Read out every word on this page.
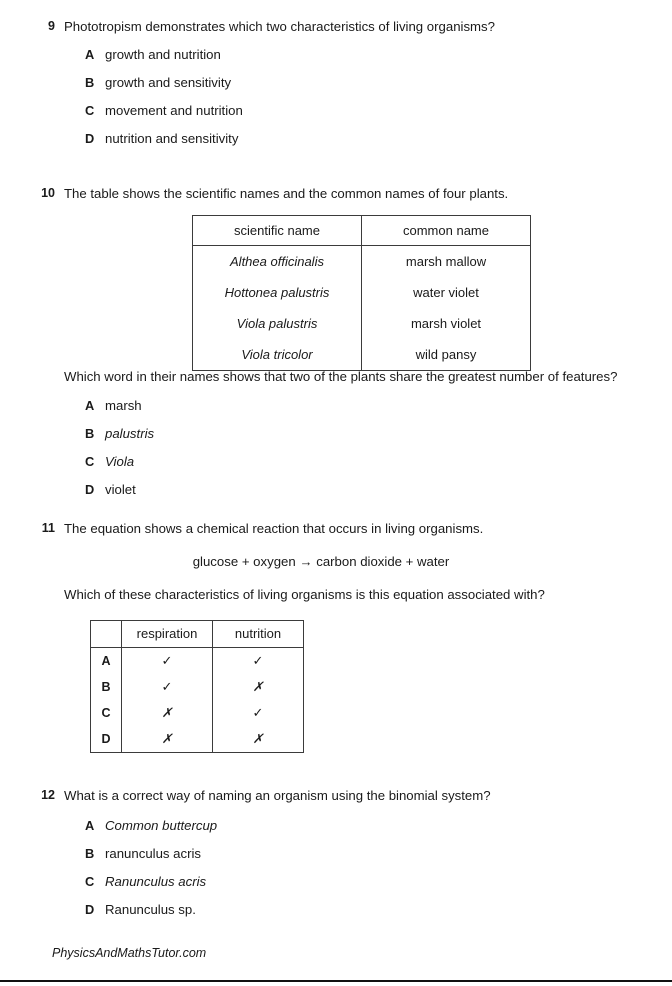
9 Phototropism demonstrates which two characteristics of living organisms?
A growth and nutrition
B growth and sensitivity
C movement and nutrition
D nutrition and sensitivity
10 The table shows the scientific names and the common names of four plants.
scientific name	common name
Althea officinalis	marsh mallow
Hottonea palustris	water violet
Viola palustris	marsh violet
Viola tricolor	wild pansy
Which word in their names shows that two of the plants share the greatest number of features?
A marsh
B palustris
C Viola
D violet
11 The equation shows a chemical reaction that occurs in living organisms.
glucose + oxygen → carbon dioxide + water
Which of these characteristics of living organisms is this equation associated with?
	respiration	nutrition
A	✓	✓
B	✓	✗
C	✗	✓
D	✗	✗
12 What is a correct way of naming an organism using the binomial system?
A Common buttercup
B ranunculus acris
C Ranunculus acris
D Ranunculus sp.
PhysicsAndMathsTutor.com
